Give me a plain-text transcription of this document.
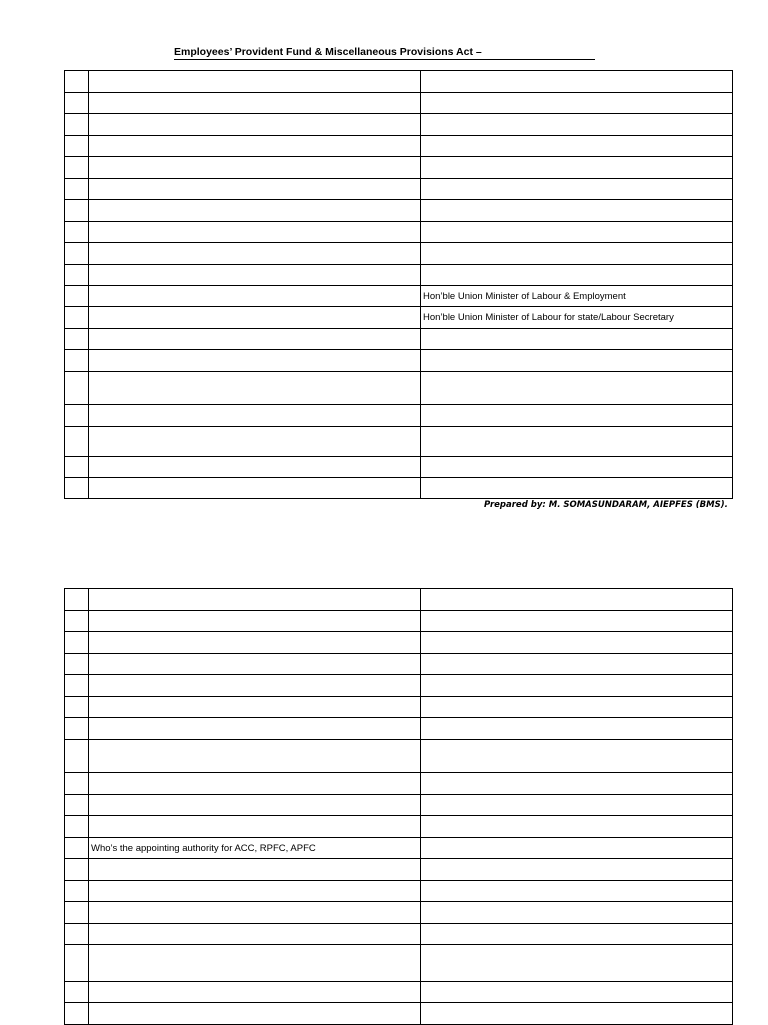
Employees’ Provident Fund & Miscellaneous Provisions Act –

		Hon’ble Union Minister of Labour & Employment
		Hon’ble Union Minister of Labour for state/Labour Secretary

Prepared by: M. SOMASUNDARAM, AIEPFES (BMS).

	Who’s the appointing authority for ACC, RPFC, APFC	
